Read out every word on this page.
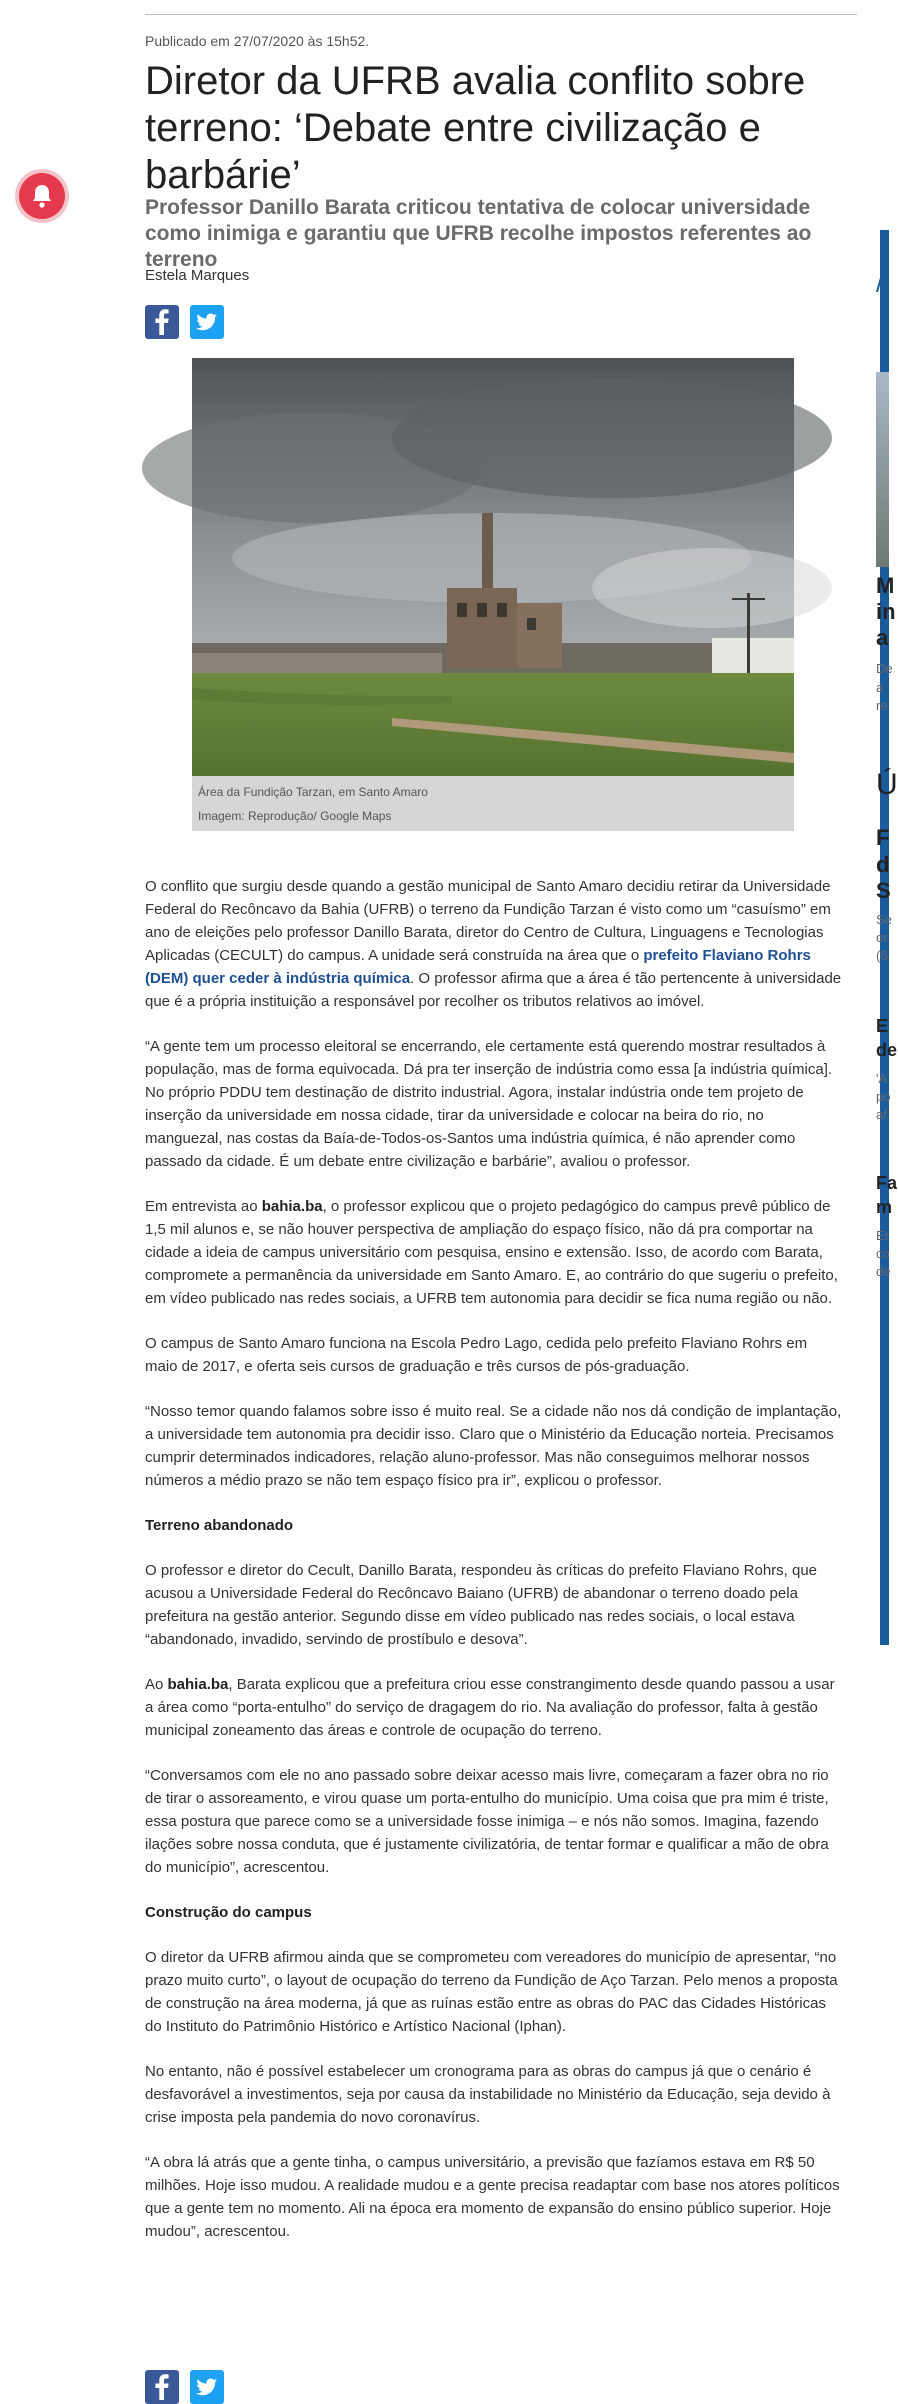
Publicado em 27/07/2020 às 15h52.
Diretor da UFRB avalia conflito sobre terreno: ‘Debate entre civilização e barbárie’
Professor Danillo Barata criticou tentativa de colocar universidade como inimiga e garantiu que UFRB recolhe impostos referentes ao terreno
Estela Marques
Área da Fundição Tarzan, em Santo Amaro
Imagem: Reprodução/ Google Maps

O conflito que surgiu desde quando a gestão municipal de Santo Amaro decidiu retirar da Universidade Federal do Recôncavo da Bahia (UFRB) o terreno da Fundição Tarzan é visto como um “casuísmo” em ano de eleições pelo professor Danillo Barata, diretor do Centro de Cultura, Linguagens e Tecnologias Aplicadas (CECULT) do campus. A unidade será construída na área que o prefeito Flaviano Rohrs (DEM) quer ceder à indústria química. O professor afirma que a área é tão pertencente à universidade que é a própria instituição a responsável por recolher os tributos relativos ao imóvel.

“A gente tem um processo eleitoral se encerrando, ele certamente está querendo mostrar resultados à população, mas de forma equivocada. Dá pra ter inserção de indústria como essa [a indústria química]. No próprio PDDU tem destinação de distrito industrial. Agora, instalar indústria onde tem projeto de inserção da universidade em nossa cidade, tirar da universidade e colocar na beira do rio, no manguezal, nas costas da Baía-de-Todos-os-Santos uma indústria química, é não aprender como passado da cidade. É um debate entre civilização e barbárie”, avaliou o professor.

Em entrevista ao bahia.ba, o professor explicou que o projeto pedagógico do campus prevê público de 1,5 mil alunos e, se não houver perspectiva de ampliação do espaço físico, não dá pra comportar na cidade a ideia de campus universitário com pesquisa, ensino e extensão. Isso, de acordo com Barata, compromete a permanência da universidade em Santo Amaro. E, ao contrário do que sugeriu o prefeito, em vídeo publicado nas redes sociais, a UFRB tem autonomia para decidir se fica numa região ou não.

O campus de Santo Amaro funciona na Escola Pedro Lago, cedida pelo prefeito Flaviano Rohrs em maio de 2017, e oferta seis cursos de graduação e três cursos de pós-graduação.

“Nosso temor quando falamos sobre isso é muito real. Se a cidade não nos dá condição de implantação, a universidade tem autonomia pra decidir isso. Claro que o Ministério da Educação norteia. Precisamos cumprir determinados indicadores, relação aluno-professor. Mas não conseguimos melhorar nossos números a médio prazo se não tem espaço físico pra ir”, explicou o professor.

Terreno abandonado

O professor e diretor do Cecult, Danillo Barata, respondeu às críticas do prefeito Flaviano Rohrs, que acusou a Universidade Federal do Recôncavo Baiano (UFRB) de abandonar o terreno doado pela prefeitura na gestão anterior. Segundo disse em vídeo publicado nas redes sociais, o local estava “abandonado, invadido, servindo de prostíbulo e desova”.

Ao bahia.ba, Barata explicou que a prefeitura criou esse constrangimento desde quando passou a usar a área como “porta-entulho” do serviço de dragagem do rio. Na avaliação do professor, falta à gestão municipal zoneamento das áreas e controle de ocupação do terreno.

“Conversamos com ele no ano passado sobre deixar acesso mais livre, começaram a fazer obra no rio de tirar o assoreamento, e virou quase um porta-entulho do município. Uma coisa que pra mim é triste, essa postura que parece como se a universidade fosse inimiga – e nós não somos. Imagina, fazendo ilações sobre nossa conduta, que é justamente civilizatória, de tentar formar e qualificar a mão de obra do município”, acrescentou.

Construção do campus

O diretor da UFRB afirmou ainda que se comprometeu com vereadores do município de apresentar, “no prazo muito curto”, o layout de ocupação do terreno da Fundição de Aço Tarzan. Pelo menos a proposta de construção na área moderna, já que as ruínas estão entre as obras do PAC das Cidades Históricas do Instituto do Patrimônio Histórico e Artístico Nacional (Iphan).

No entanto, não é possível estabelecer um cronograma para as obras do campus já que o cenário é desfavorável a investimentos, seja por causa da instabilidade no Ministério da Educação, seja devido à crise imposta pela pandemia do novo coronavírus.

“A obra lá atrás que a gente tinha, o campus universitário, a previsão que fazíamos estava em R$ 50 milhões. Hoje isso mudou. A realidade mudou e a gente precisa readaptar com base nos atores políticos que a gente tem no momento. Ali na época era momento de expansão do ensino público superior. Hoje mudou”, acrescentou.

/
M
in
a
De
a
re
Ú
F
d
S
Se
or
(6
E
de
'A
po
af
Fa
m
Er
co
de
